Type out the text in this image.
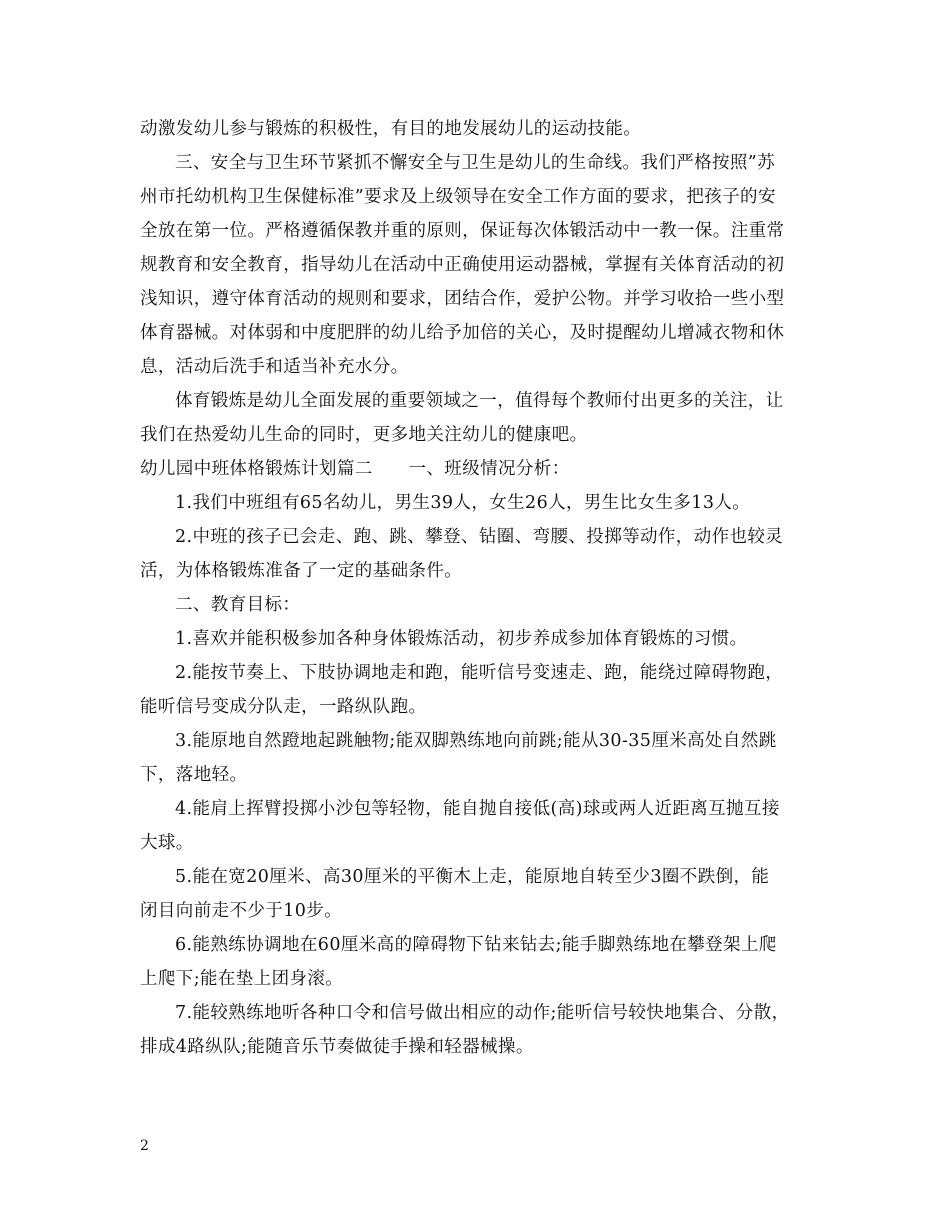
动激发幼儿参与锻炼的积极性，有目的地发展幼儿的运动技能。
三、安全与卫生环节紧抓不懈安全与卫生是幼儿的生命线。我们严格按照”苏
州市托幼机构卫生保健标准”要求及上级领导在安全工作方面的要求，把孩子的安
全放在第一位。严格遵循保教并重的原则，保证每次体锻活动中一教一保。注重常
规教育和安全教育，指导幼儿在活动中正确使用运动器械，掌握有关体育活动的初
浅知识，遵守体育活动的规则和要求，团结合作，爱护公物。并学习收拾一些小型
体育器械。对体弱和中度肥胖的幼儿给予加倍的关心，及时提醒幼儿增减衣物和休
息，活动后洗手和适当补充水分。
体育锻炼是幼儿全面发展的重要领域之一，值得每个教师付出更多的关注，让
我们在热爱幼儿生命的同时，更多地关注幼儿的健康吧。
幼儿园中班体格锻炼计划篇二　　一、班级情况分析：
1.我们中班组有65名幼儿，男生39人，女生26人，男生比女生多13人。
2.中班的孩子已会走、跑、跳、攀登、钻圈、弯腰、投掷等动作，动作也较灵
活，为体格锻炼准备了一定的基础条件。
二、教育目标：
1.喜欢并能积极参加各种身体锻炼活动，初步养成参加体育锻炼的习惯。
2.能按节奏上、下肢协调地走和跑，能听信号变速走、跑，能绕过障碍物跑，
能听信号变成分队走，一路纵队跑。
3.能原地自然蹬地起跳触物;能双脚熟练地向前跳;能从30-35厘米高处自然跳
下，落地轻。
4.能肩上挥臂投掷小沙包等轻物，能自抛自接低(高)球或两人近距离互抛互接
大球。
5.能在宽20厘米、高30厘米的平衡木上走，能原地自转至少3圈不跌倒，能
闭目向前走不少于10步。
6.能熟练协调地在60厘米高的障碍物下钻来钻去;能手脚熟练地在攀登架上爬
上爬下;能在垫上团身滚。
7.能较熟练地听各种口令和信号做出相应的动作;能听信号较快地集合、分散，
排成4路纵队;能随音乐节奏做徒手操和轻器械操。
2
